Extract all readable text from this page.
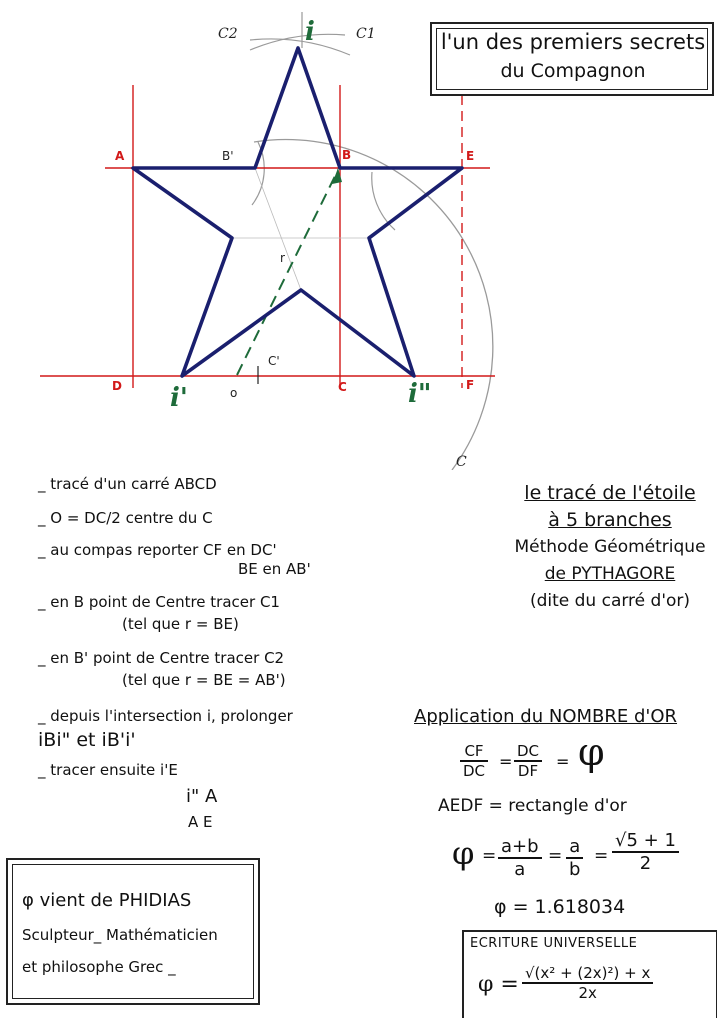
A	B	E
D	C	F
B'
C'
o
r
i
i'	i"
C2	C1
C
l'un des premiers secrets
du Compagnon
_ tracé d'un carré ABCD
_ O = DC/2 centre du C
_ au compas reporter CF en DC'
BE en AB'
_ en B point de Centre tracer C1
(tel que r = BE)
_ en B' point de Centre tracer C2
(tel que r = BE = AB')
_ depuis l'intersection i, prolonger
iBi" et iB'i'
_ tracer ensuite i'E
i" A
A E
le tracé de l'étoile
à 5 branches
Méthode Géométrique
de PYTHAGORE
(dite du carré d'or)
Application du NOMBRE d'OR
$\frac{CF}{DC} = \frac{DC}{DF} = \varphi$
AEDF = rectangle d'or
$\varphi = \frac{a+b}{a} = \frac{a}{b} = \frac{√5 + 1}{2}$
φ = 1.618034
ECRITURE UNIVERSELLE
$\varphi = \frac{\text{√(x² + (2x)²) + x}}{2x}$
φ vient de PHIDIAS
Sculpteur_ Mathématicien
et philosophe Grec _
